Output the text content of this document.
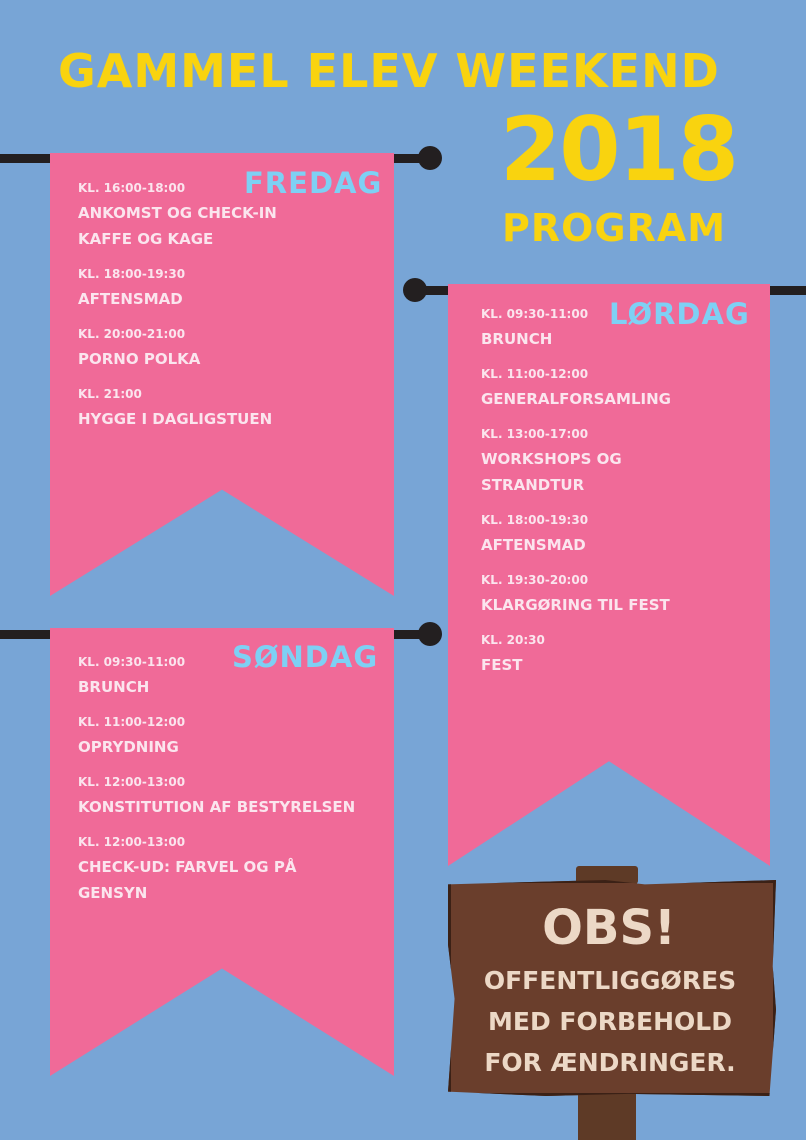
GAMMEL ELEV WEEKEND
2018
PROGRAM
FREDAG
KL. 16:00-18:00
ANKOMST OG CHECK-IN KAFFE OG KAGE
KL. 18:00-19:30
AFTENSMAD
KL. 20:00-21:00
PORNO POLKA
KL. 21:00
HYGGE I DAGLIGSTUEN
LØRDAG
KL. 09:30-11:00
BRUNCH
KL. 11:00-12:00
GENERALFORSAMLING
KL. 13:00-17:00
WORKSHOPS OG STRANDTUR
KL. 18:00-19:30
AFTENSMAD
KL. 19:30-20:00
KLARGØRING TIL FEST
KL. 20:30
FEST
SØNDAG
KL. 09:30-11:00
BRUNCH
KL. 11:00-12:00
OPRYDNING
KL. 12:00-13:00
KONSTITUTION AF BESTYRELSEN
KL. 12:00-13:00
CHECK-UD: FARVEL OG PÅ GENSYN
OBS!
OFFENTLIGGØRES MED FORBEHOLD FOR ÆNDRINGER.
